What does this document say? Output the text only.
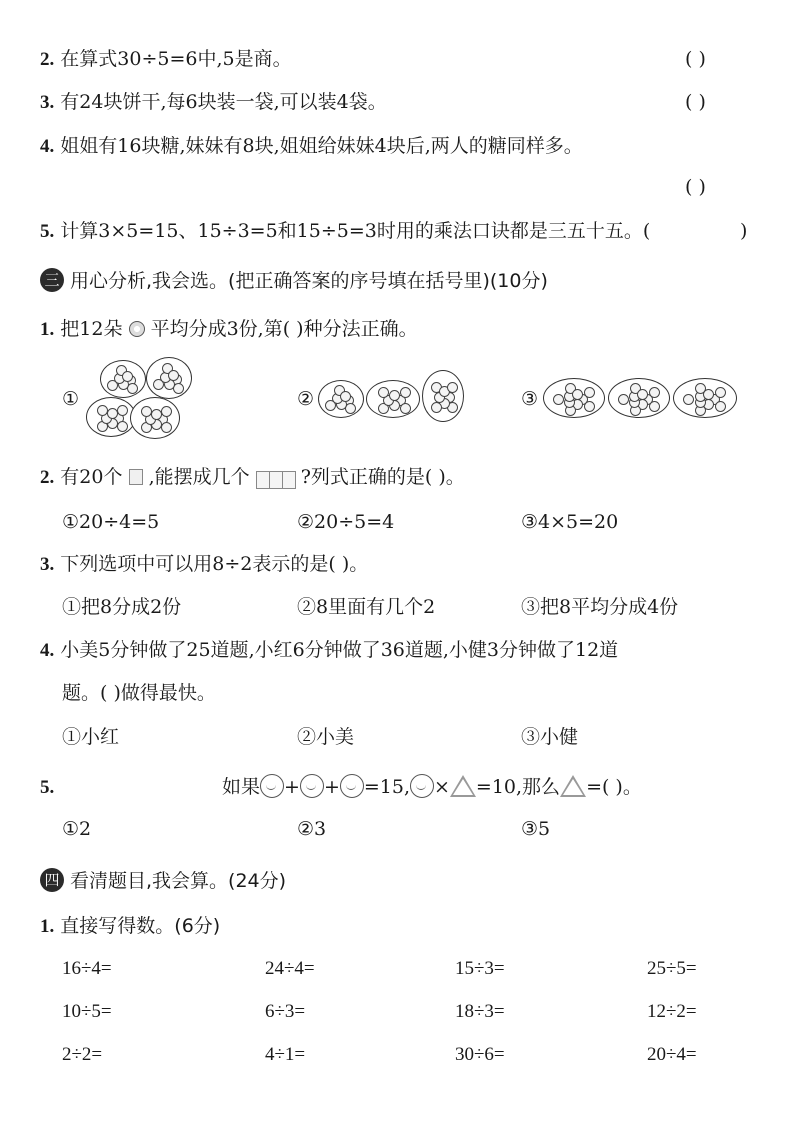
2. 在算式30÷5=6中,5是商。	( )
3. 有24块饼干,每6块装一袋,可以装4袋。	( )
4. 姐姐有16块糖,妹妹有8块,姐姐给妹妹4块后,两人的糖同样多。
( )
5. 计算3×5=15、15÷3=5和15÷5=3时用的乘法口诀都是三五十五。(	)
三 用心分析,我会选。(把正确答案的序号填在括号里)(10分)
1. 把12朵 平均分成3份,第( )种分法正确。
①	②	③
2. 有20个 ,能摆成几个	?列式正确的是( )。
①20÷4=5	②20÷5=4	③4×5=20
3. 下列选项中可以用8÷2表示的是( )。
①把8分成2份	②8里面有几个2	③把8平均分成4份
4. 小美5分钟做了25道题,小红6分钟做了36道题,小健3分钟做了12道
题。( )做得最快。
①小红	②小美	③小健
5.	如果 + + =15, × =10,那么 =( )。
①2	②3	③5
四 看清题目,我会算。(24分)
1. 直接写得数。(6分)
16÷4=	24÷4=	15÷3=	25÷5=
10÷5=	6÷3=	18÷3=	12÷2=
2÷2=	4÷1=	30÷6=	20÷4=
